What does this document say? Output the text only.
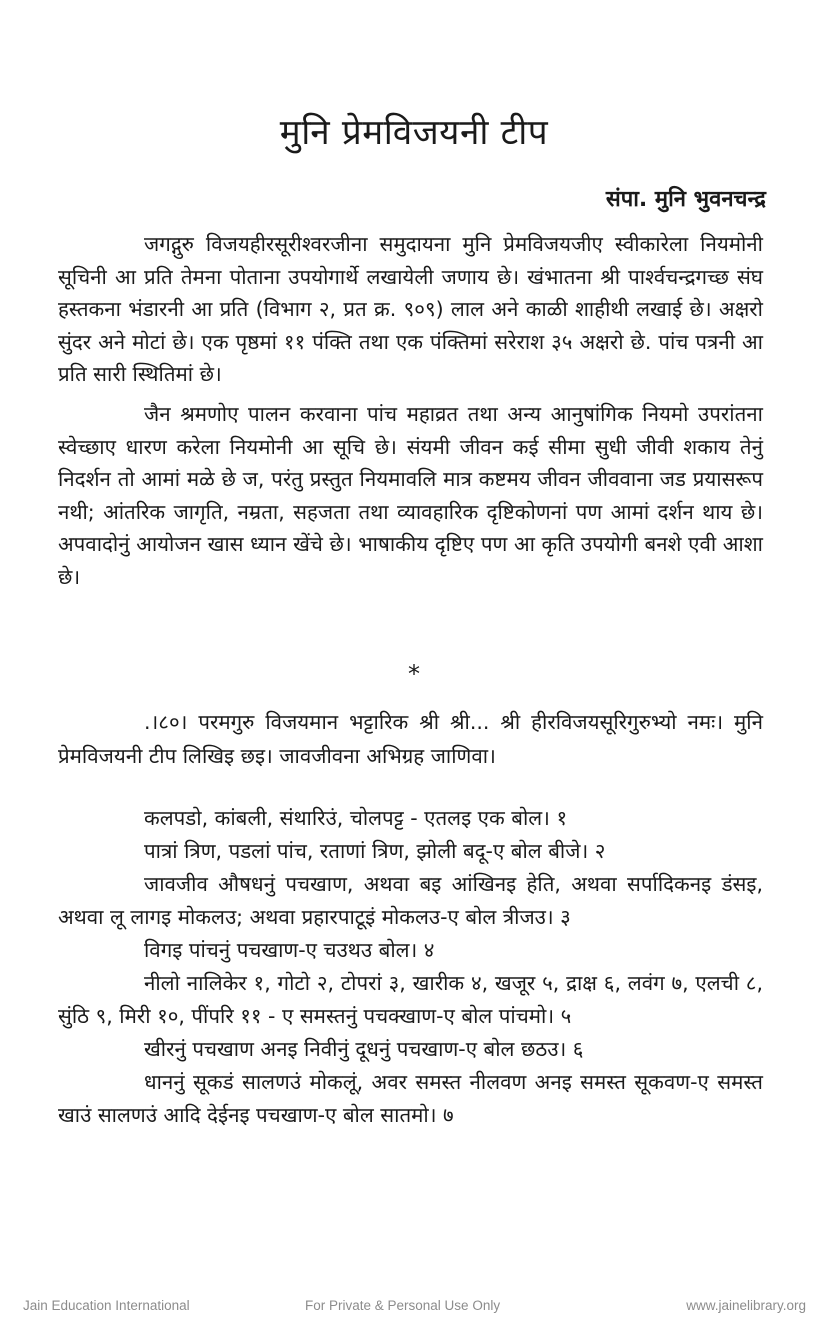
मुनि प्रेमविजयनी टीप

संपा. मुनि भुवनचन्द्र

जगद्गुरु विजयहीरसूरीश्वरजीना समुदायना मुनि प्रेमविजयजीए स्वीकारेला नियमोनी सूचिनी आ प्रति तेमना पोताना उपयोगार्थे लखायेली जणाय छे। खंभातना श्री पार्श्वचन्द्रगच्छ संघ हस्तकना भंडारनी आ प्रति (विभाग २, प्रत क्र. ९०९) लाल अने काळी शाहीथी लखाई छे। अक्षरो सुंदर अने मोटां छे। एक पृष्ठमां ११ पंक्ति तथा एक पंक्तिमां सरेराश ३५ अक्षरो छे. पांच पत्रनी आ प्रति सारी स्थितिमां छे।

जैन श्रमणोए पालन करवाना पांच महाव्रत तथा अन्य आनुषांगिक नियमो उपरांतना स्वेच्छाए धारण करेला नियमोनी आ सूचि छे। संयमी जीवन कई सीमा सुधी जीवी शकाय तेनुं निदर्शन तो आमां मळे छे ज, परंतु प्रस्तुत नियमावलि मात्र कष्टमय जीवन जीववाना जड प्रयासरूप नथी; आंतरिक जागृति, नम्रता, सहजता तथा व्यावहारिक दृष्टिकोणनां पण आमां दर्शन थाय छे। अपवादोनुं आयोजन खास ध्यान खेंचे छे। भाषाकीय दृष्टिए पण आ कृति उपयोगी बनशे एवी आशा छे।

*

.।८०। परमगुरु विजयमान भट्टारिक श्री श्री... श्री हीरविजयसूरिगुरुभ्यो नमः। मुनि प्रेमविजयनी टीप लिखिइ छइ। जावजीवना अभिग्रह जाणिवा।

कलपडो, कांबली, संथारिउं, चोलपट्ट - एतलइ एक बोल। १
पात्रां त्रिण, पडलां पांच, रताणां त्रिण, झोली बदू-ए बोल बीजे। २
जावजीव औषधनुं पचखाण, अथवा बइ आंखिनइ हेति, अथवा सर्पादिकनइ डंसइ, अथवा लू लागइ मोकलउ; अथवा प्रहारपाटूइं मोकलउ-ए बोल त्रीजउ। ३
विगइ पांचनुं पचखाण-ए चउथउ बोल। ४
नीलो नालिकेर १, गोटो २, टोपरां ३, खारीक ४, खजूर ५, द्राक्ष ६, लवंग ७, एलची ८, सुंठि ९, मिरी १०, पींपरि ११ - ए समस्तनुं पचक्खाण-ए बोल पांचमो। ५
खीरनुं पचखाण अनइ निवीनुं दूधनुं पचखाण-ए बोल छठउ। ६
धाननुं सूकडं सालणउं मोकलूं, अवर समस्त नीलवण अनइ समस्त सूकवण-ए समस्त खाउं सालणउं आदि देईनइ पचखाण-ए बोल सातमो। ७
Jain Education International	For Private & Personal Use Only	www.jainelibrary.org
